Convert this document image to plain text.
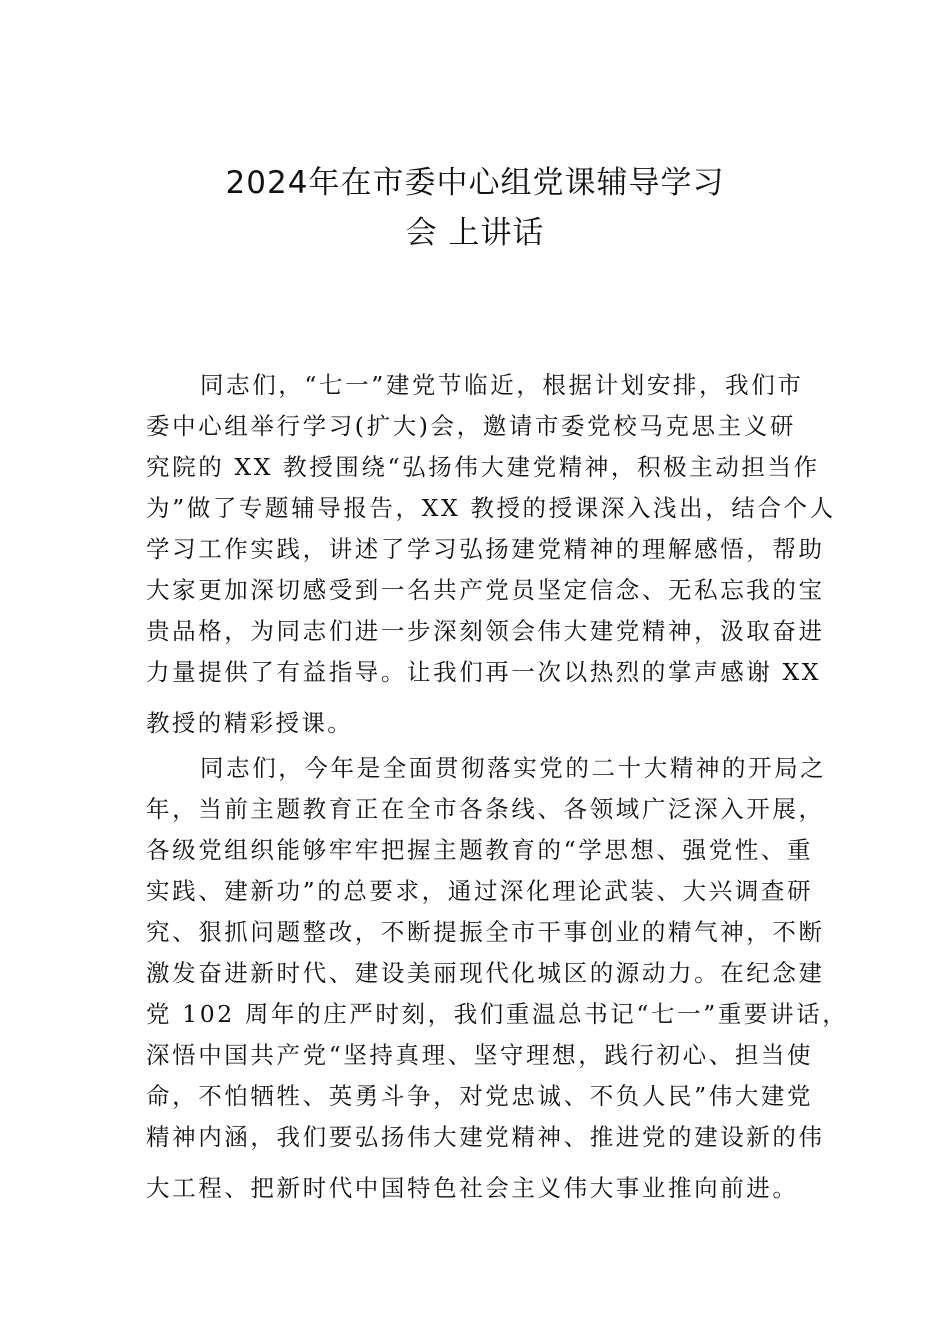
2024年在市委中心组党课辅导学习
会 上讲话
同志们，“七一”建党节临近，根据计划安排，我们市
委中心组举行学习(扩大)会，邀请市委党校马克思主义研
究院的 XX 教授围绕“弘扬伟大建党精神，积极主动担当作
为”做了专题辅导报告，XX 教授的授课深入浅出，结合个人
学习工作实践，讲述了学习弘扬建党精神的理解感悟，帮助
大家更加深切感受到一名共产党员坚定信念、无私忘我的宝
贵品格，为同志们进一步深刻领会伟大建党精神，汲取奋进
力量提供了有益指导。让我们再一次以热烈的掌声感谢 XX
教授的精彩授课。
同志们，今年是全面贯彻落实党的二十大精神的开局之
年，当前主题教育正在全市各条线、各领域广泛深入开展，
各级党组织能够牢牢把握主题教育的“学思想、强党性、重
实践、建新功”的总要求，通过深化理论武装、大兴调查研
究、狠抓问题整改，不断提振全市干事创业的精气神，不断
激发奋进新时代、建设美丽现代化城区的源动力。在纪念建
党 102 周年的庄严时刻，我们重温总书记“七一”重要讲话，
深悟中国共产党“坚持真理、坚守理想，践行初心、担当使
命，不怕牺牲、英勇斗争，对党忠诚、不负人民”伟大建党
精神内涵，我们要弘扬伟大建党精神、推进党的建设新的伟
大工程、把新时代中国特色社会主义伟大事业推向前进。
